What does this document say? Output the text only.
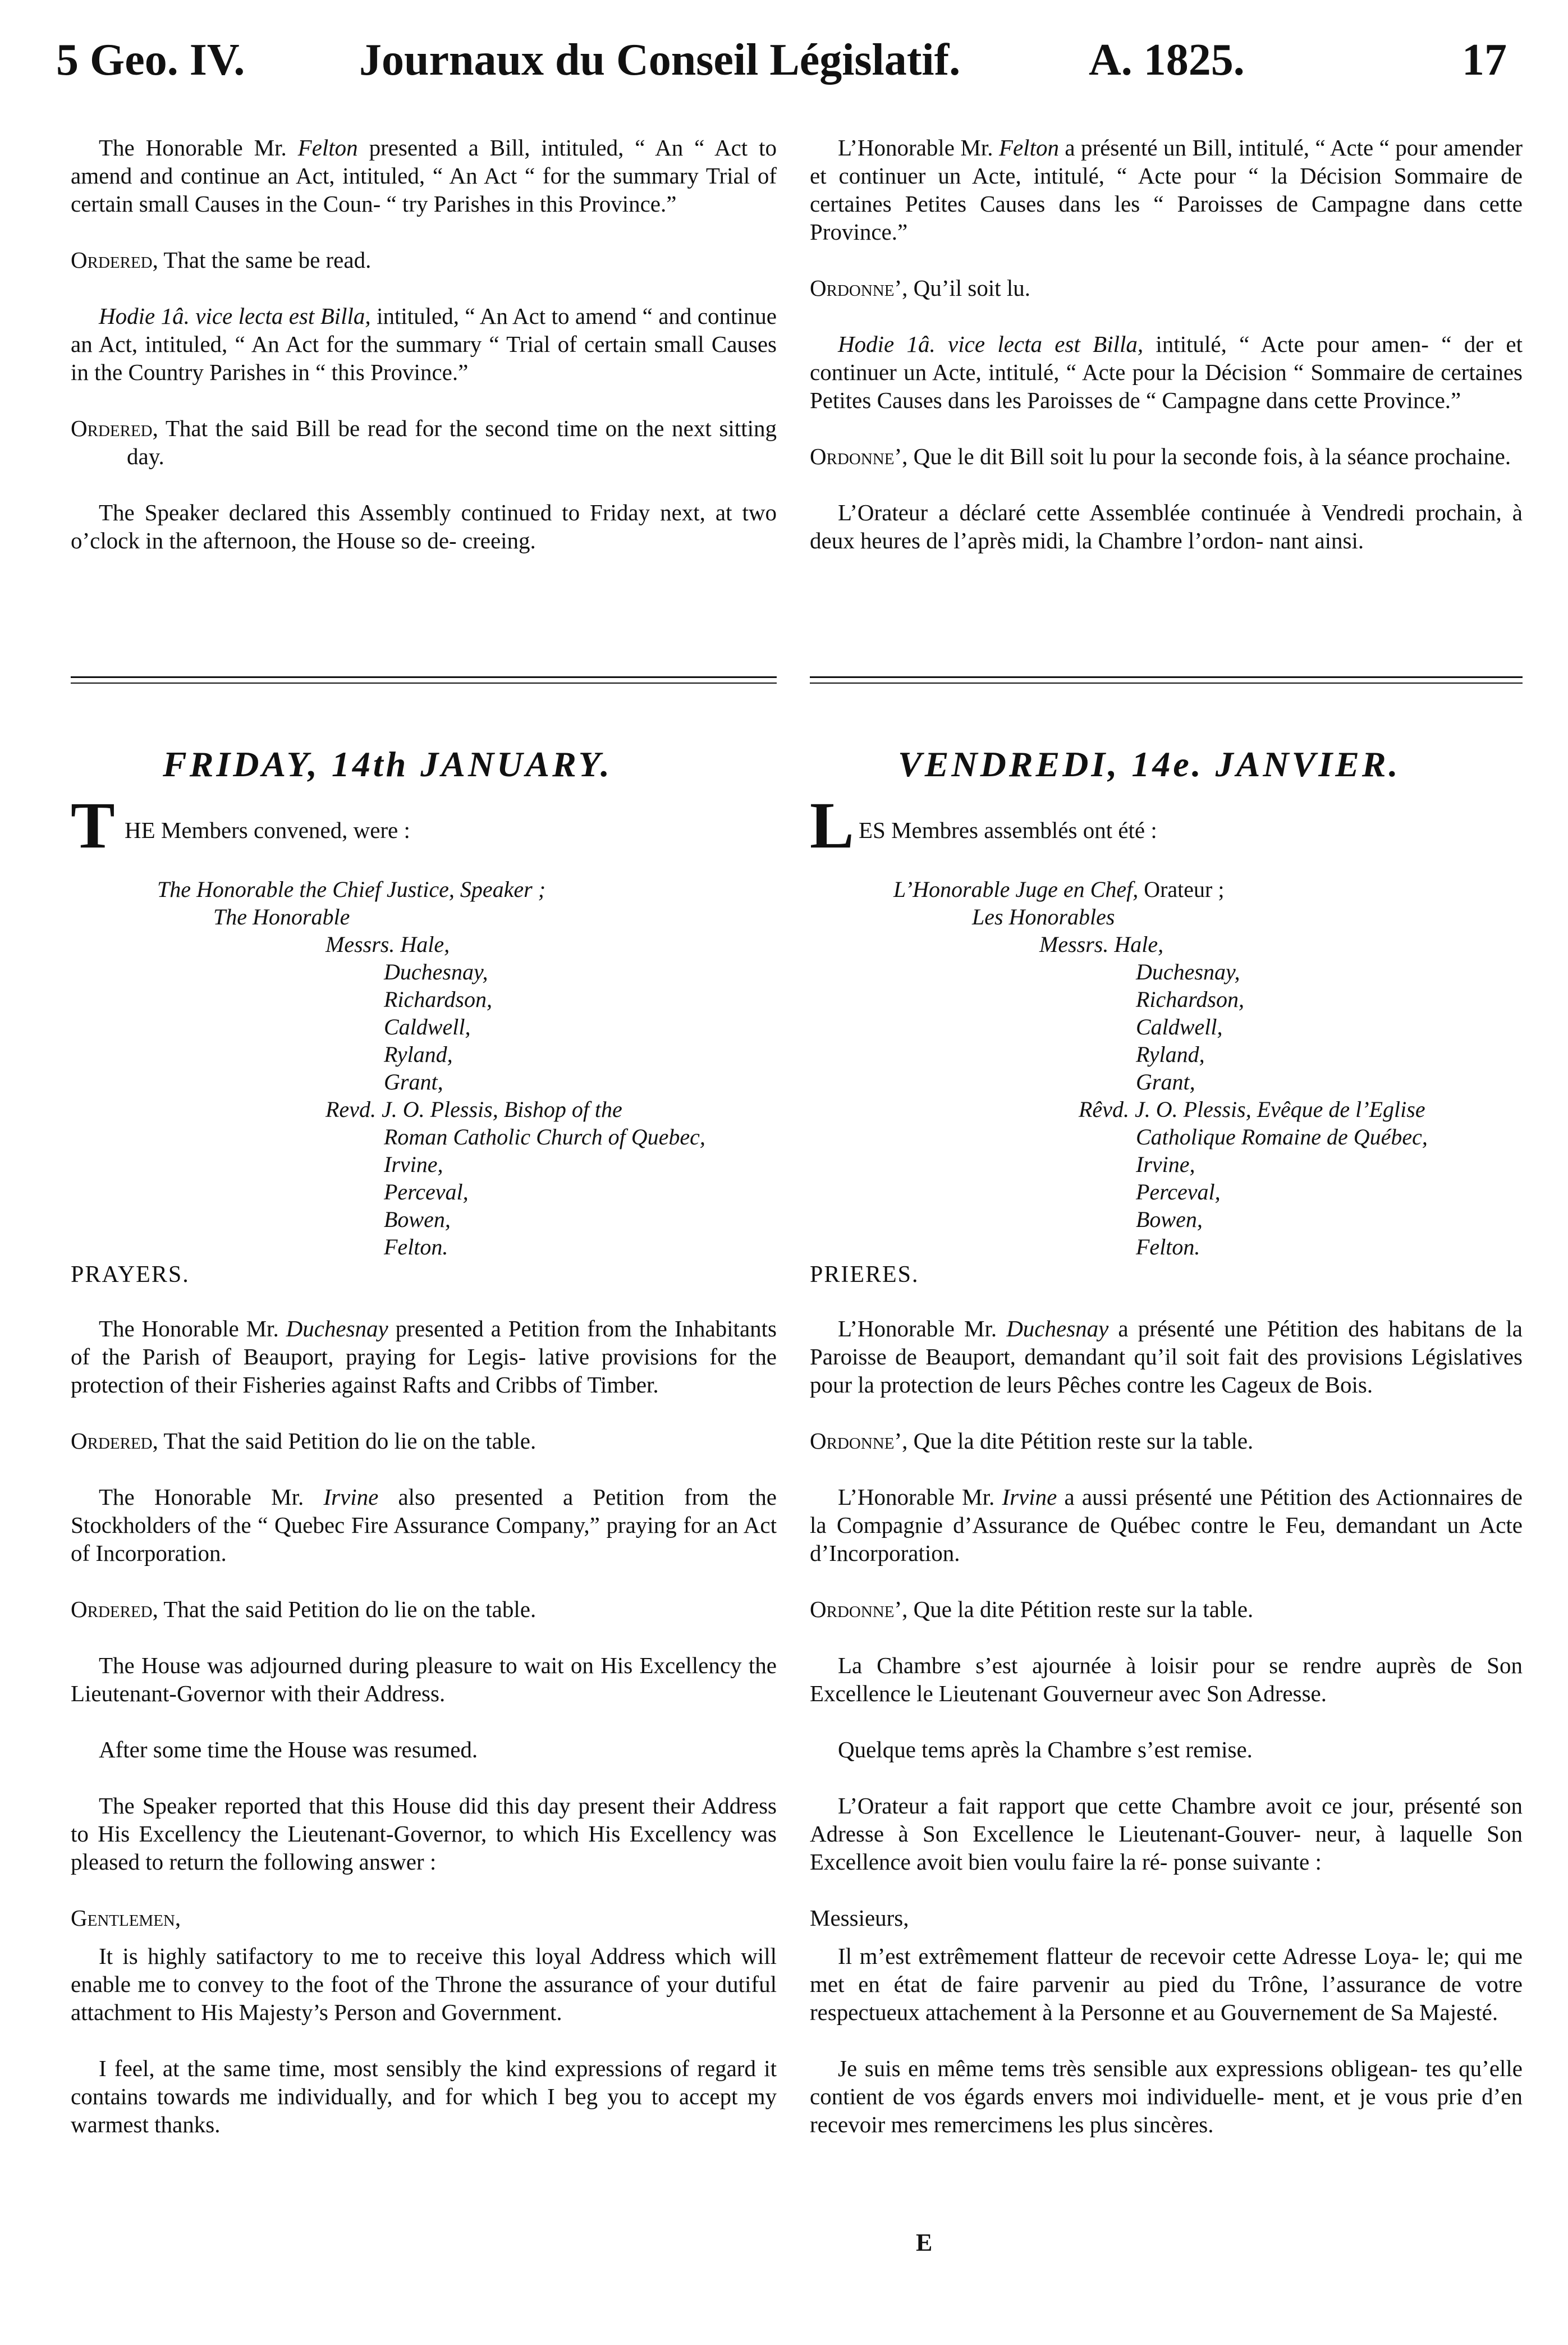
5 Geo. IV.	Journaux du Conseil Législatif.	A. 1825.	17

The Honorable Mr. Felton presented a Bill, intituled, “ An “ Act to amend and continue an Act, intituled, “ An Act “ for the summary Trial of certain small Causes in the Coun- “ try Parishes in this Province.”

Ordered, That the same be read.

Hodie 1â. vice lecta est Billa, intituled, “ An Act to amend “ and continue an Act, intituled, “ An Act for the summary “ Trial of certain small Causes in the Country Parishes in “ this Province.”

Ordered, That the said Bill be read for the second time on the next sitting day.

The Speaker declared this Assembly continued to Friday next, at two o’clock in the afternoon, the House so de- creeing.

L’Honorable Mr. Felton a présenté un Bill, intitulé, “ Acte “ pour amender et continuer un Acte, intitulé, “ Acte pour “ la Décision Sommaire de certaines Petites Causes dans les “ Paroisses de Campagne dans cette Province.”

Ordonne’, Qu’il soit lu.

Hodie 1â. vice lecta est Billa, intitulé, “ Acte pour amen- “ der et continuer un Acte, intitulé, “ Acte pour la Décision “ Sommaire de certaines Petites Causes dans les Paroisses de “ Campagne dans cette Province.”

Ordonne’, Que le dit Bill soit lu pour la seconde fois, à la séance prochaine.

L’Orateur a déclaré cette Assemblée continuée à Vendredi prochain, à deux heures de l’après midi, la Chambre l’ordon- nant ainsi.

FRIDAY, 14th JANUARY.	VENDREDI, 14e. JANVIER.
T HE Members convened, were :	L ES Membres assemblés ont été :
The Honorable the Chief Justice, Speaker ;
The Honorable
Messrs. Hale,
Duchesnay,
Richardson,
Caldwell,
Ryland,
Grant,
Revd. J. O. Plessis, Bishop of the
Roman Catholic Church of Quebec,
Irvine,
Perceval,
Bowen,
Felton.
L’Honorable Juge en Chef, Orateur ;
Les Honorables
Messrs. Hale,
Duchesnay,
Richardson,
Caldwell,
Ryland,
Grant,
Rêvd. J. O. Plessis, Evêque de l’Eglise
Catholique Romaine de Québec,
Irvine,
Perceval,
Bowen,
Felton.
PRAYERS.	PRIERES.

The Honorable Mr. Duchesnay presented a Petition from the Inhabitants of the Parish of Beauport, praying for Legis- lative provisions for the protection of their Fisheries against Rafts and Cribbs of Timber.

Ordered, That the said Petition do lie on the table.

The Honorable Mr. Irvine also presented a Petition from the Stockholders of the “ Quebec Fire Assurance Company,” praying for an Act of Incorporation.

Ordered, That the said Petition do lie on the table.

The House was adjourned during pleasure to wait on His Excellency the Lieutenant-Governor with their Address.

After some time the House was resumed.

The Speaker reported that this House did this day present their Address to His Excellency the Lieutenant-Governor, to which His Excellency was pleased to return the following answer :

Gentlemen,

It is highly satifactory to me to receive this loyal Address which will enable me to convey to the foot of the Throne the assurance of your dutiful attachment to His Majesty’s Person and Government.

I feel, at the same time, most sensibly the kind expressions of regard it contains towards me individually, and for which I beg you to accept my warmest thanks.

L’Honorable Mr. Duchesnay a présenté une Pétition des habitans de la Paroisse de Beauport, demandant qu’il soit fait des provisions Législatives pour la protection de leurs Pêches contre les Cageux de Bois.

Ordonne’, Que la dite Pétition reste sur la table.

L’Honorable Mr. Irvine a aussi présenté une Pétition des Actionnaires de la Compagnie d’Assurance de Québec contre le Feu, demandant un Acte d’Incorporation.

Ordonne’, Que la dite Pétition reste sur la table.

La Chambre s’est ajournée à loisir pour se rendre auprès de Son Excellence le Lieutenant Gouverneur avec Son Adresse.

Quelque tems après la Chambre s’est remise.

L’Orateur a fait rapport que cette Chambre avoit ce jour, présenté son Adresse à Son Excellence le Lieutenant-Gouver- neur, à laquelle Son Excellence avoit bien voulu faire la ré- ponse suivante :

Messieurs,

Il m’est extrêmement flatteur de recevoir cette Adresse Loya- le; qui me met en état de faire parvenir au pied du Trône, l’assurance de votre respectueux attachement à la Personne et au Gouvernement de Sa Majesté.

Je suis en même tems très sensible aux expressions obligean- tes qu’elle contient de vos égards envers moi individuelle- ment, et je vous prie d’en recevoir mes remercimens les plus sincères.

E
